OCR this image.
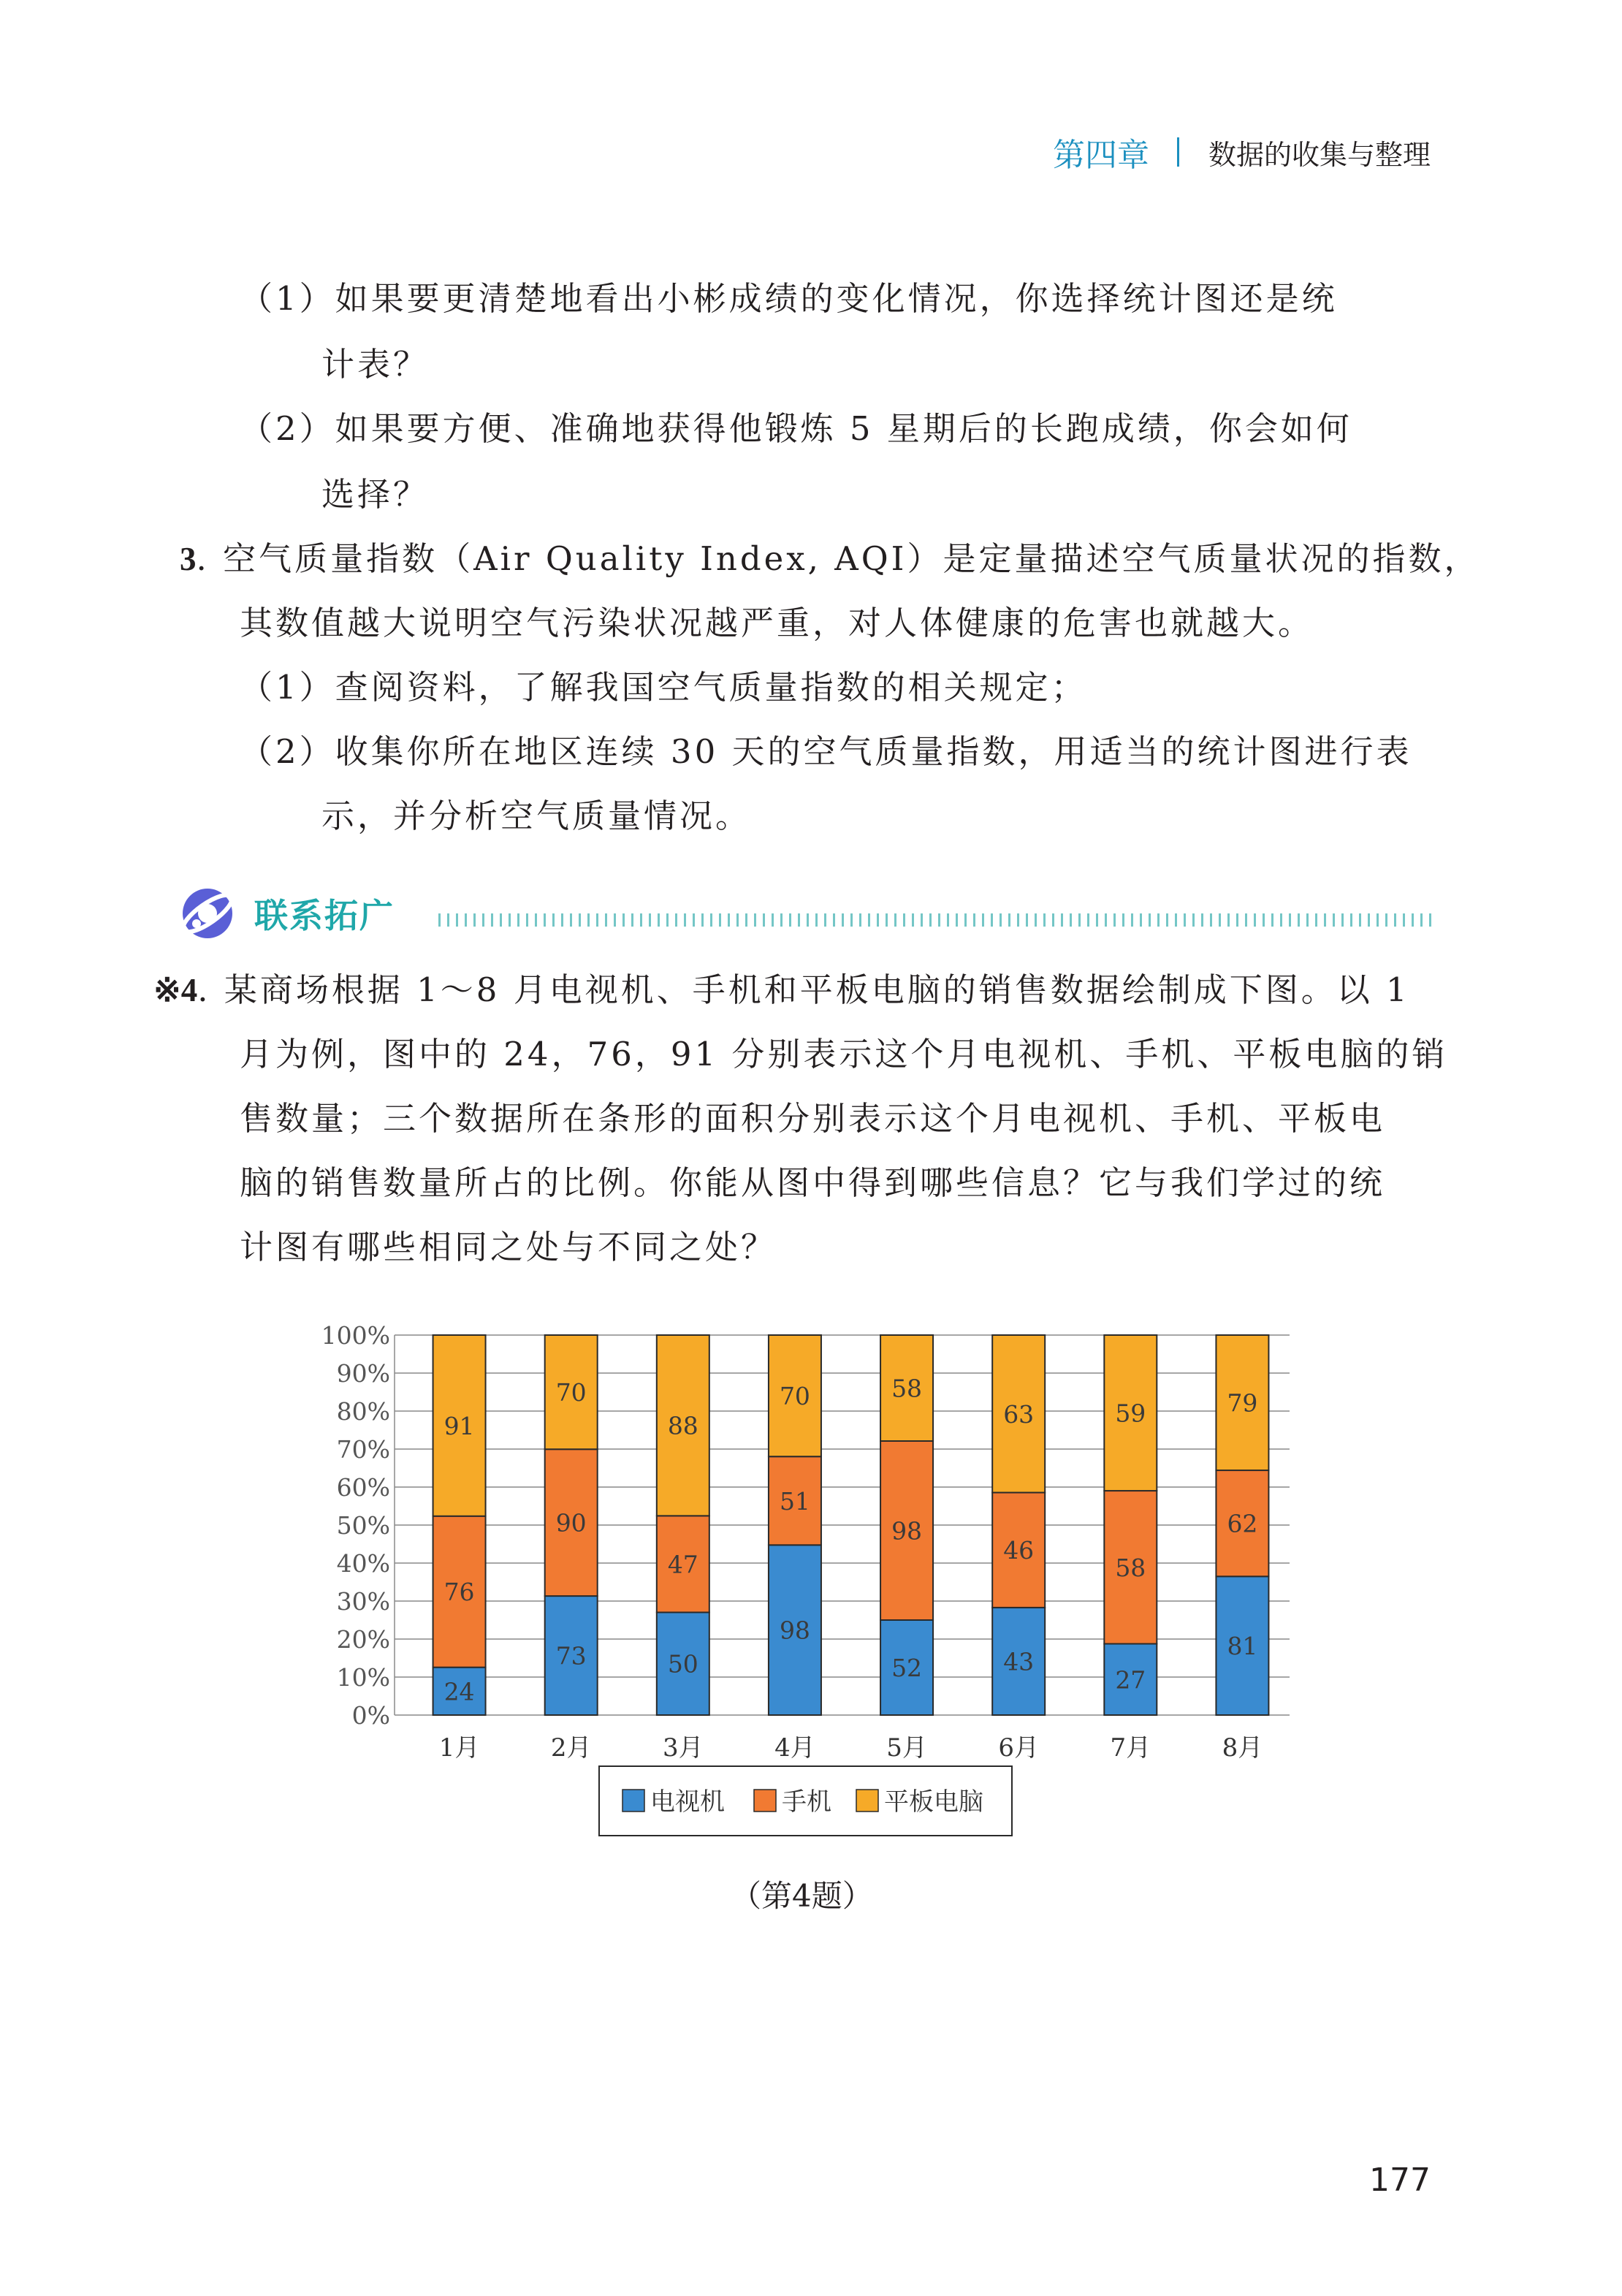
第四章 数据的收集与整理
（1）如果要更清楚地看出小彬成绩的变化情况，你选择统计图还是统
计表？
（2）如果要方便、准确地获得他锻炼 5 星期后的长跑成绩，你会如何
选择？
3. 空气质量指数（Air Quality Index, AQI）是定量描述空气质量状况的指数，
其数值越大说明空气污染状况越严重，对人体健康的危害也就越大。
（1）查阅资料，了解我国空气质量指数的相关规定；
（2）收集你所在地区连续 30 天的空气质量指数，用适当的统计图进行表
示，并分析空气质量情况。
联系拓广
※4. 某商场根据 1～8 月电视机、手机和平板电脑的销售数据绘制成下图。以 1
月为例，图中的 24，76，91 分别表示这个月电视机、手机、平板电脑的销
售数量；三个数据所在条形的面积分别表示这个月电视机、手机、平板电
脑的销售数量所占的比例。你能从图中得到哪些信息？它与我们学过的统
计图有哪些相同之处与不同之处？
0%
10%
20%
30%
40%
50%
60%
70%
80%
90%
100%
24
76
91
1月
73
90
70
2月
50
47
88
3月
98
51
70
4月
52
98
58
5月
43
46
63
6月
27
58
59
7月
81
62
79
8月
电视机 手机 平板电脑
（第4题）
177
